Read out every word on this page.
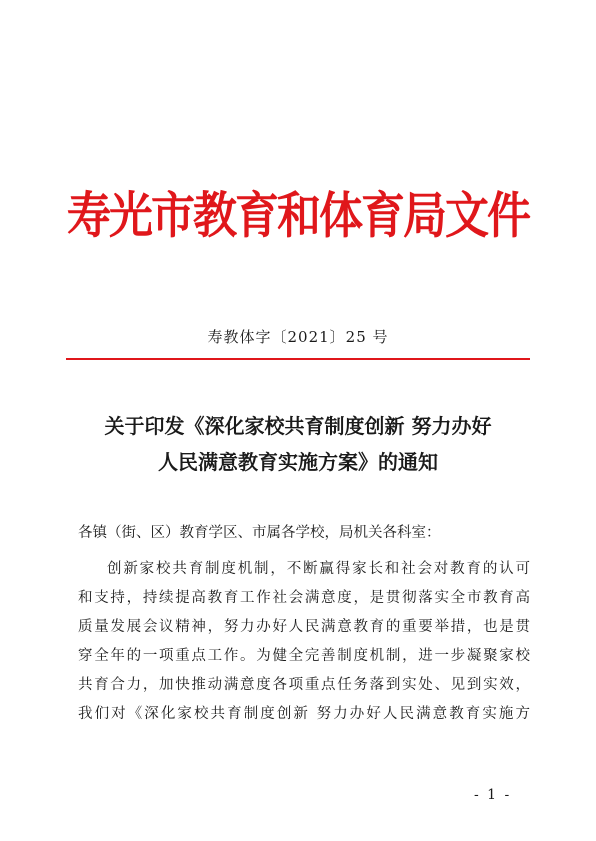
寿光市教育和体育局文件
寿教体字〔2021〕25 号
关于印发《深化家校共育制度创新 努力办好
人民满意教育实施方案》的通知
各镇（街、区）教育学区、市属各学校，局机关各科室：
创新家校共育制度机制，不断赢得家长和社会对教育的认可
和支持，持续提高教育工作社会满意度，是贯彻落实全市教育高
质量发展会议精神，努力办好人民满意教育的重要举措，也是贯
穿全年的一项重点工作。为健全完善制度机制，进一步凝聚家校
共育合力，加快推动满意度各项重点任务落到实处、见到实效，
我们对《深化家校共育制度创新 努力办好人民满意教育实施方
- 1 -
